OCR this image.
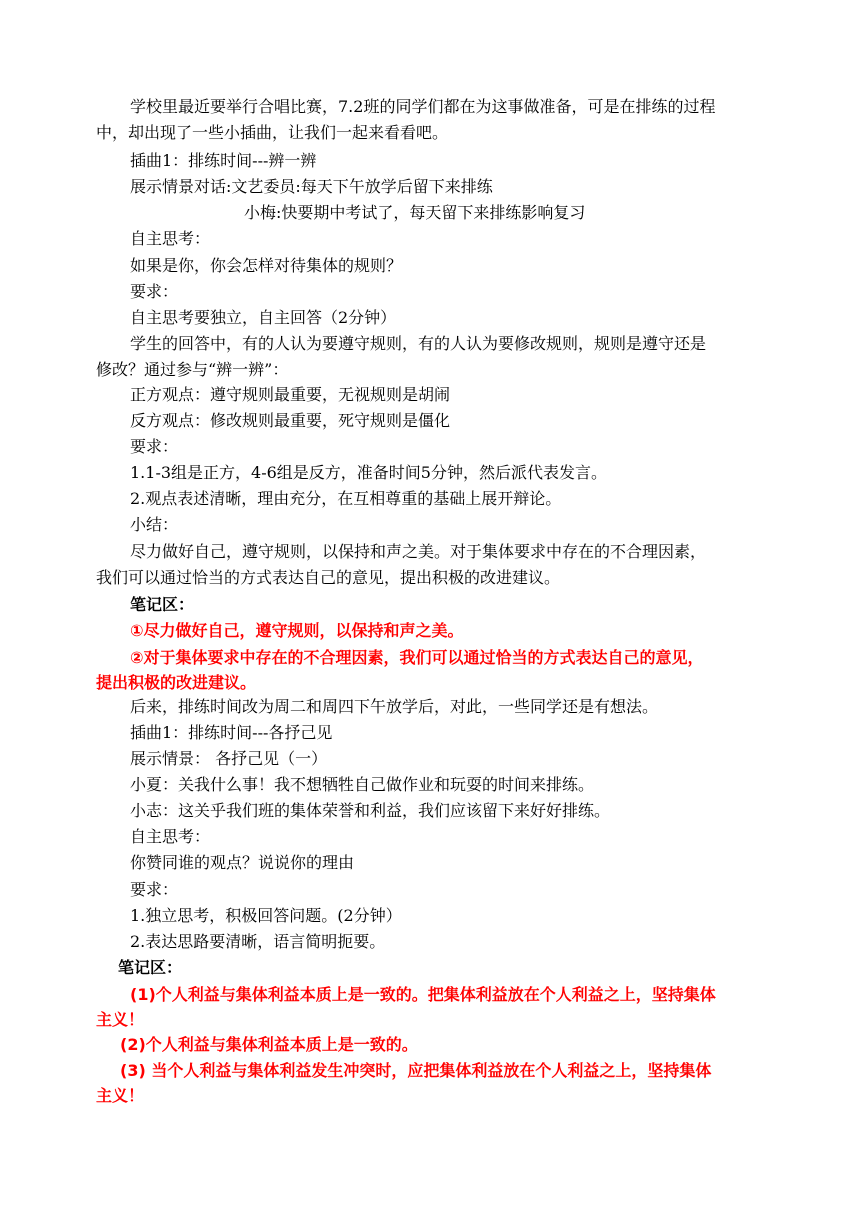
学校里最近要举行合唱比赛，7.2班的同学们都在为这事做准备，可是在排练的过程
中，却出现了一些小插曲，让我们一起来看看吧。
插曲1：排练时间---辨一辨
展示情景对话:文艺委员:每天下午放学后留下来排练
小梅:快要期中考试了，每天留下来排练影响复习
自主思考：
如果是你，你会怎样对待集体的规则？
要求：
自主思考要独立，自主回答（2分钟）
学生的回答中，有的人认为要遵守规则，有的人认为要修改规则，规则是遵守还是
修改？通过参与“辨一辨”：
正方观点：遵守规则最重要，无视规则是胡闹
反方观点：修改规则最重要，死守规则是僵化
要求：
1.1-3组是正方，4-6组是反方，准备时间5分钟，然后派代表发言。
2.观点表述清晰，理由充分，在互相尊重的基础上展开辩论。
小结：
尽力做好自己，遵守规则，以保持和声之美。对于集体要求中存在的不合理因素，
我们可以通过恰当的方式表达自己的意见，提出积极的改进建议。
笔记区：
①尽力做好自己，遵守规则，以保持和声之美。
②对于集体要求中存在的不合理因素，我们可以通过恰当的方式表达自己的意见，
提出积极的改进建议。
后来，排练时间改为周二和周四下午放学后，对此，一些同学还是有想法。
插曲1：排练时间---各抒己见
展示情景： 各抒己见（一）
小夏：关我什么事！我不想牺牲自己做作业和玩耍的时间来排练。
小志：这关乎我们班的集体荣誉和利益，我们应该留下来好好排练。
自主思考：
你赞同谁的观点？说说你的理由
要求：
1.独立思考，积极回答问题。(2分钟）
2.表达思路要清晰，语言简明扼要。
笔记区：
(1)个人利益与集体利益本质上是一致的。把集体利益放在个人利益之上，坚持集体
主义！
(2)个人利益与集体利益本质上是一致的。
(3) 当个人利益与集体利益发生冲突时，应把集体利益放在个人利益之上，坚持集体
主义！
